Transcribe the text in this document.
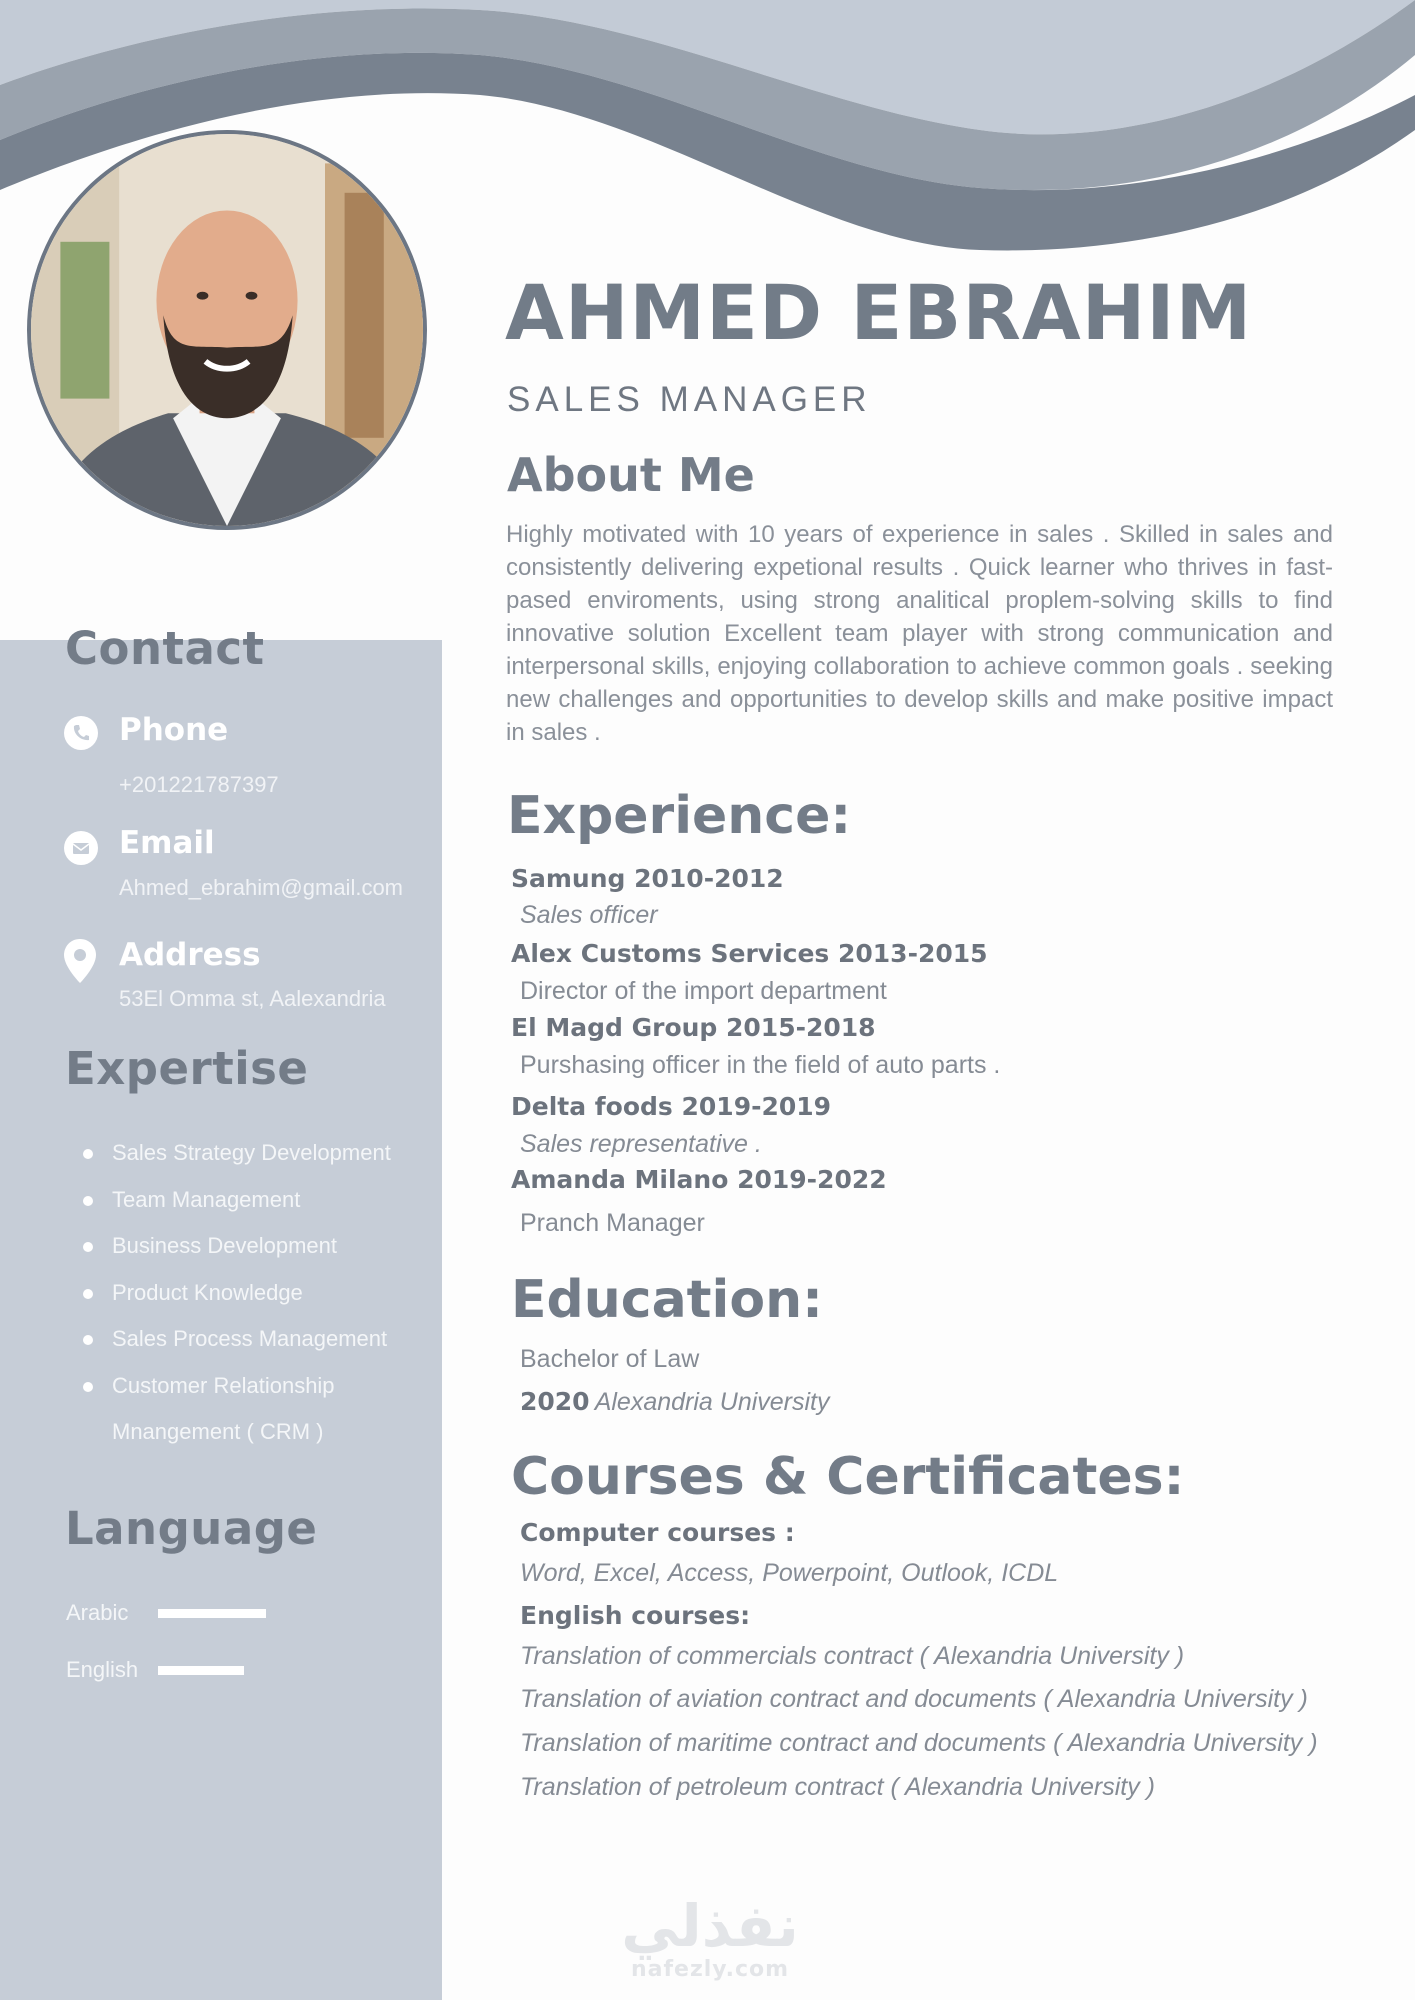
AHMED EBRAHIM
SALES MANAGER
About Me

Highly motivated with 10 years of experience in sales . Skilled in sales and consistently delivering expetional results . Quick learner who thrives in fast-pased enviroments, using strong analitical proplem-solving skills to find innovative solution Excellent team player with strong communication and interpersonal skills, enjoying collaboration to achieve common goals . seeking new challenges and opportunities to develop skills and make positive impact in sales .

Contact
Phone
+201221787397
Email
Ahmed_ebrahim@gmail.com
Address
53El Omma st, Aalexandria
Expertise
Sales Strategy Development
Team Management
Business Development
Product Knowledge
Sales Process Management
Customer Relationship
Mnangement ( CRM )
Language
Arabic
English
Experience:
Samung 2010-2012
Sales officer
Alex Customs Services 2013-2015
Director of the import department
El Magd Group 2015-2018
Purshasing officer in the field of auto parts .
Delta foods 2019-2019
Sales representative .
Amanda Milano 2019-2022
Pranch Manager
Education:
Bachelor of Law
2020 Alexandria University
Courses & Certificates:
Computer courses :
Word, Excel, Access, Powerpoint, Outlook, ICDL
English courses:
Translation of commercials contract ( Alexandria University )
Translation of aviation contract and documents ( Alexandria University )
Translation of maritime contract and documents ( Alexandria University )
Translation of petroleum contract ( Alexandria University )
نفذلي
nafezly.com
